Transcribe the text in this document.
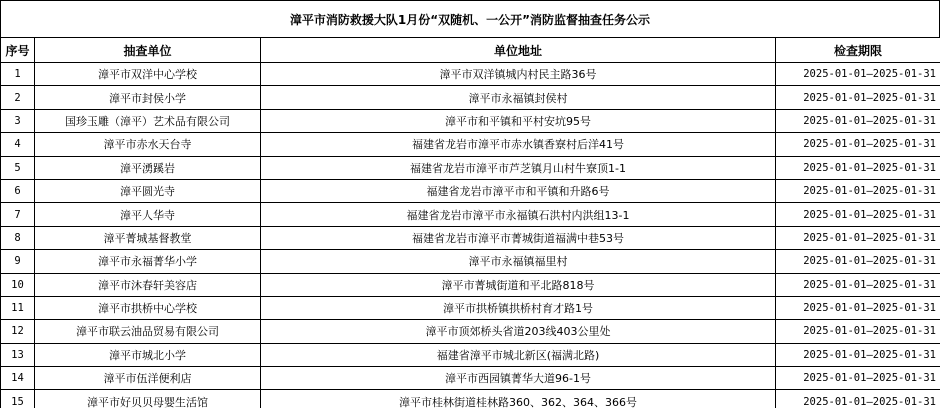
漳平市消防救援大队1月份“双随机、一公开”消防监督抽查任务公示
序号	抽查单位	单位地址	检查期限
1	漳平市双洋中心学校	漳平市双洋镇城内村民主路36号	2025-01-01—2025-01-31
2	漳平市封侯小学	漳平市永福镇封侯村	2025-01-01—2025-01-31
3	国珍玉雕（漳平）艺术品有限公司	漳平市和平镇和平村安坑95号	2025-01-01—2025-01-31
4	漳平市赤水天台寺	福建省龙岩市漳平市赤水镇香寮村后洋41号	2025-01-01—2025-01-31
5	漳平湧蹊岩	福建省龙岩市漳平市芦芝镇月山村牛寮顶1-1	2025-01-01—2025-01-31
6	漳平圆光寺	福建省龙岩市漳平市和平镇和升路6号	2025-01-01—2025-01-31
7	漳平人华寺	福建省龙岩市漳平市永福镇石洪村内洪组13-1	2025-01-01—2025-01-31
8	漳平菁城基督教堂	福建省龙岩市漳平市菁城街道福满中巷53号	2025-01-01—2025-01-31
9	漳平市永福菁华小学	漳平市永福镇福里村	2025-01-01—2025-01-31
10	漳平市沐春轩美容店	漳平市菁城街道和平北路818号	2025-01-01—2025-01-31
11	漳平市拱桥中心学校	漳平市拱桥镇拱桥村育才路1号	2025-01-01—2025-01-31
12	漳平市联云油品贸易有限公司	漳平市顶郊桥头省道203线403公里处	2025-01-01—2025-01-31
13	漳平市城北小学	福建省漳平市城北新区(福满北路)	2025-01-01—2025-01-31
14	漳平市伍洋便利店	漳平市西园镇菁华大道96-1号	2025-01-01—2025-01-31
15	漳平市好贝贝母婴生活馆	漳平市桂林街道桂林路360、362、364、366号	2025-01-01—2025-01-31
